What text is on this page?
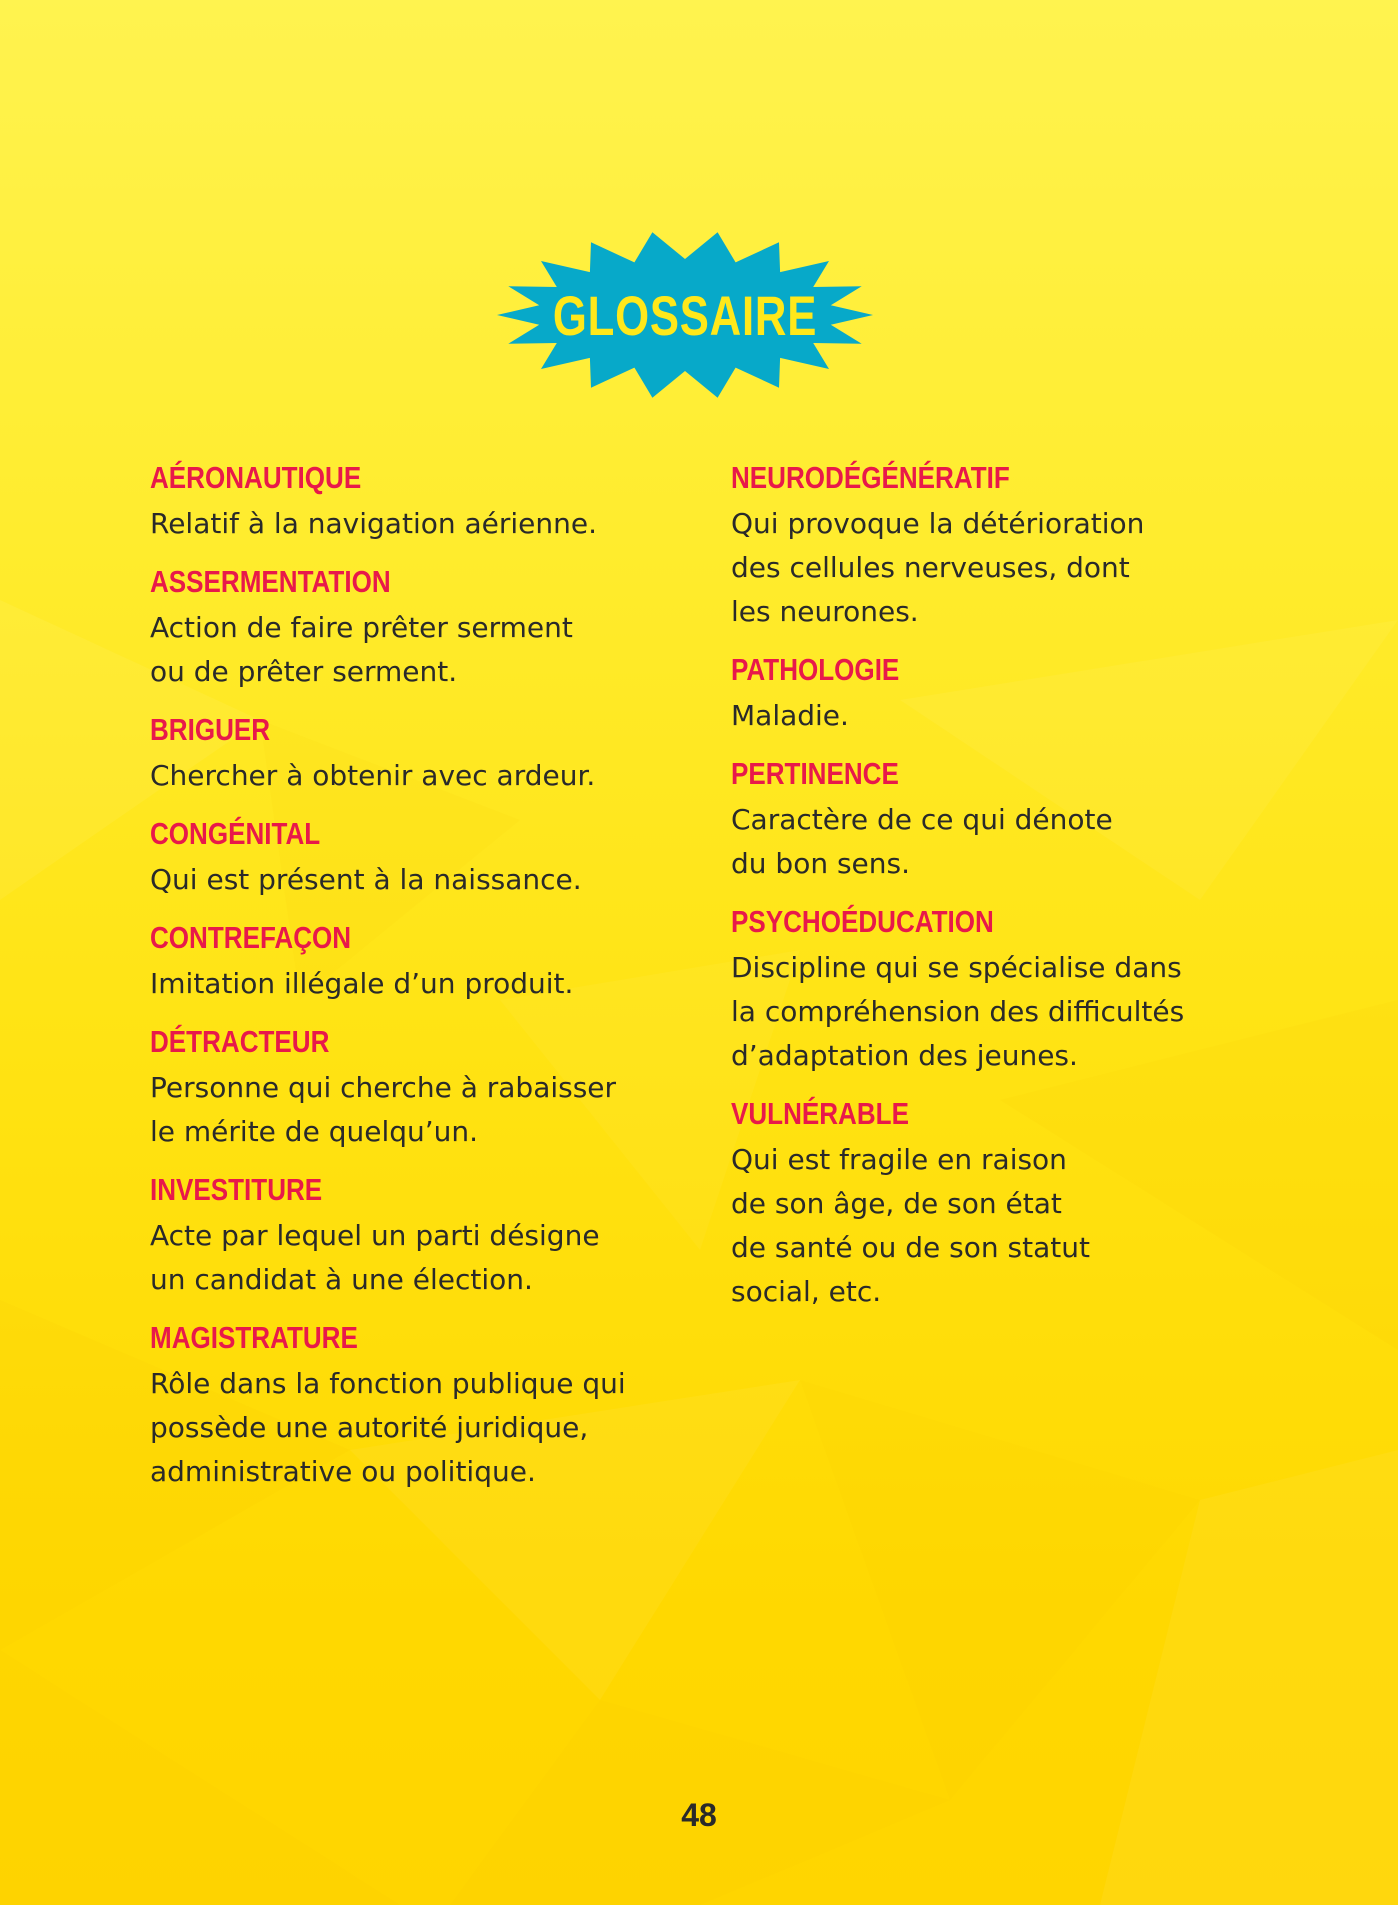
GLOSSAIRE
AÉRONAUTIQUE
Relatif à la navigation aérienne.
ASSERMENTATION
Action de faire prêter serment
ou de prêter serment.
BRIGUER
Chercher à obtenir avec ardeur.
CONGÉNITAL
Qui est présent à la naissance.
CONTREFAÇON
Imitation illégale d’un produit.
DÉTRACTEUR
Personne qui cherche à rabaisser
le mérite de quelqu’un.
INVESTITURE
Acte par lequel un parti désigne
un candidat à une élection.
MAGISTRATURE
Rôle dans la fonction publique qui
possède une autorité juridique,
administrative ou politique.
NEURODÉGÉNÉRATIF
Qui provoque la détérioration
des cellules nerveuses, dont
les neurones.
PATHOLOGIE
Maladie.
PERTINENCE
Caractère de ce qui dénote
du bon sens.
PSYCHOÉDUCATION
Discipline qui se spécialise dans
la compréhension des difficultés
d’adaptation des jeunes.
VULNÉRABLE
Qui est fragile en raison
de son âge, de son état
de santé ou de son statut
social, etc.
48
